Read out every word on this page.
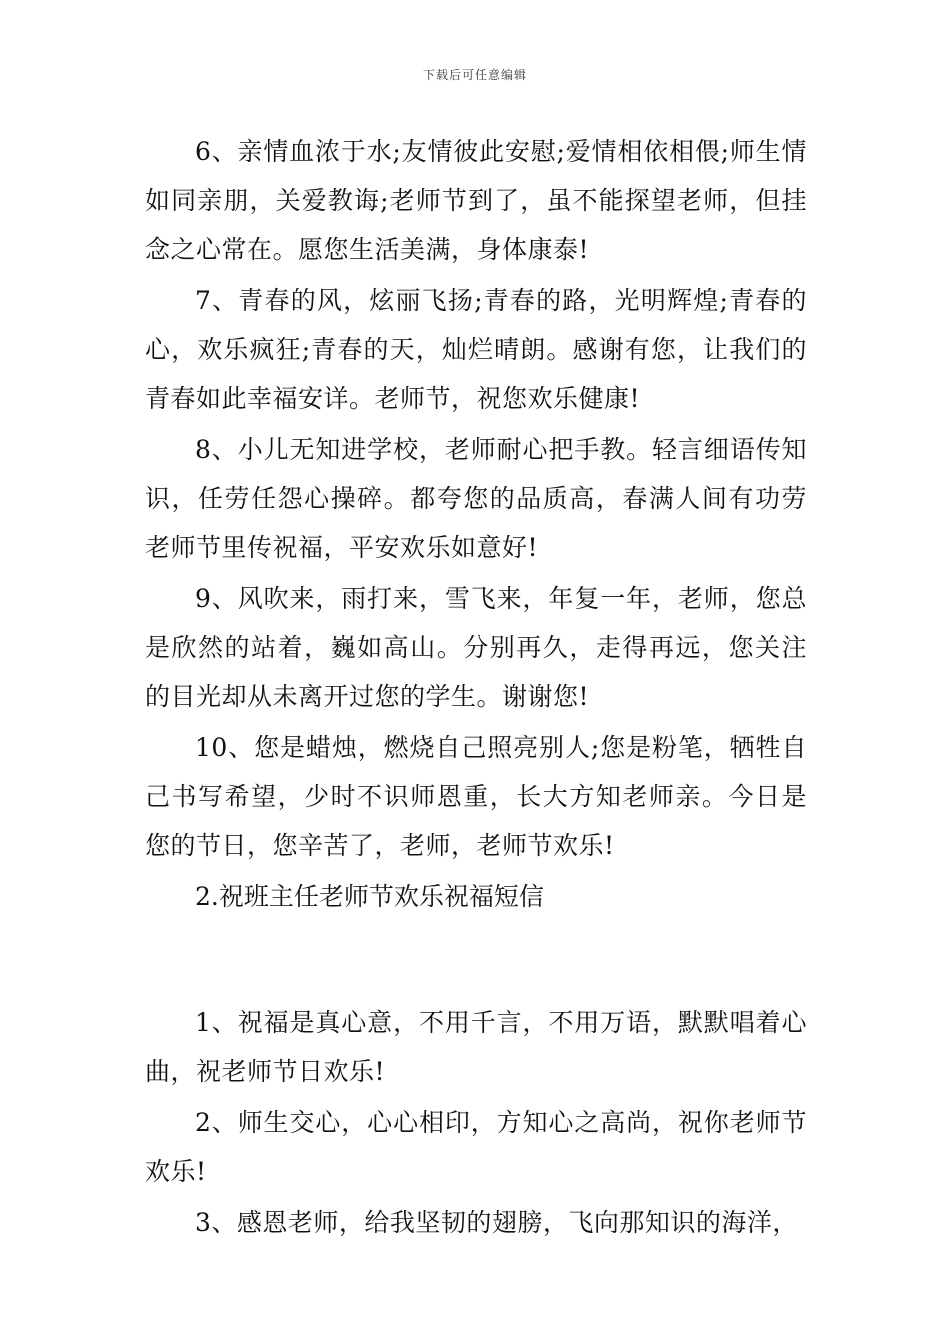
下载后可任意编辑

6、亲情血浓于水;友情彼此安慰;爱情相依相偎;师生情如同亲朋，关爱教诲;老师节到了，虽不能探望老师，但挂念之心常在。愿您生活美满，身体康泰!

7、青春的风，炫丽飞扬;青春的路，光明辉煌;青春的心，欢乐疯狂;青春的天，灿烂晴朗。感谢有您，让我们的青春如此幸福安详。老师节，祝您欢乐健康!

8、小儿无知进学校，老师耐心把手教。轻言细语传知识，任劳任怨心操碎。都夸您的品质高，春满人间有功劳老师节里传祝福，平安欢乐如意好!

9、风吹来，雨打来，雪飞来，年复一年，老师，您总是欣然的站着，巍如高山。分别再久，走得再远，您关注的目光却从未离开过您的学生。谢谢您!

10、您是蜡烛，燃烧自己照亮别人;您是粉笔，牺牲自己书写希望，少时不识师恩重，长大方知老师亲。今日是您的节日，您辛苦了，老师，老师节欢乐!

2.祝班主任老师节欢乐祝福短信

1、祝福是真心意，不用千言，不用万语，默默唱着心曲，祝老师节日欢乐!

2、师生交心，心心相印，方知心之高尚，祝你老师节欢乐!

3、感恩老师，给我坚韧的翅膀，飞向那知识的海洋，
